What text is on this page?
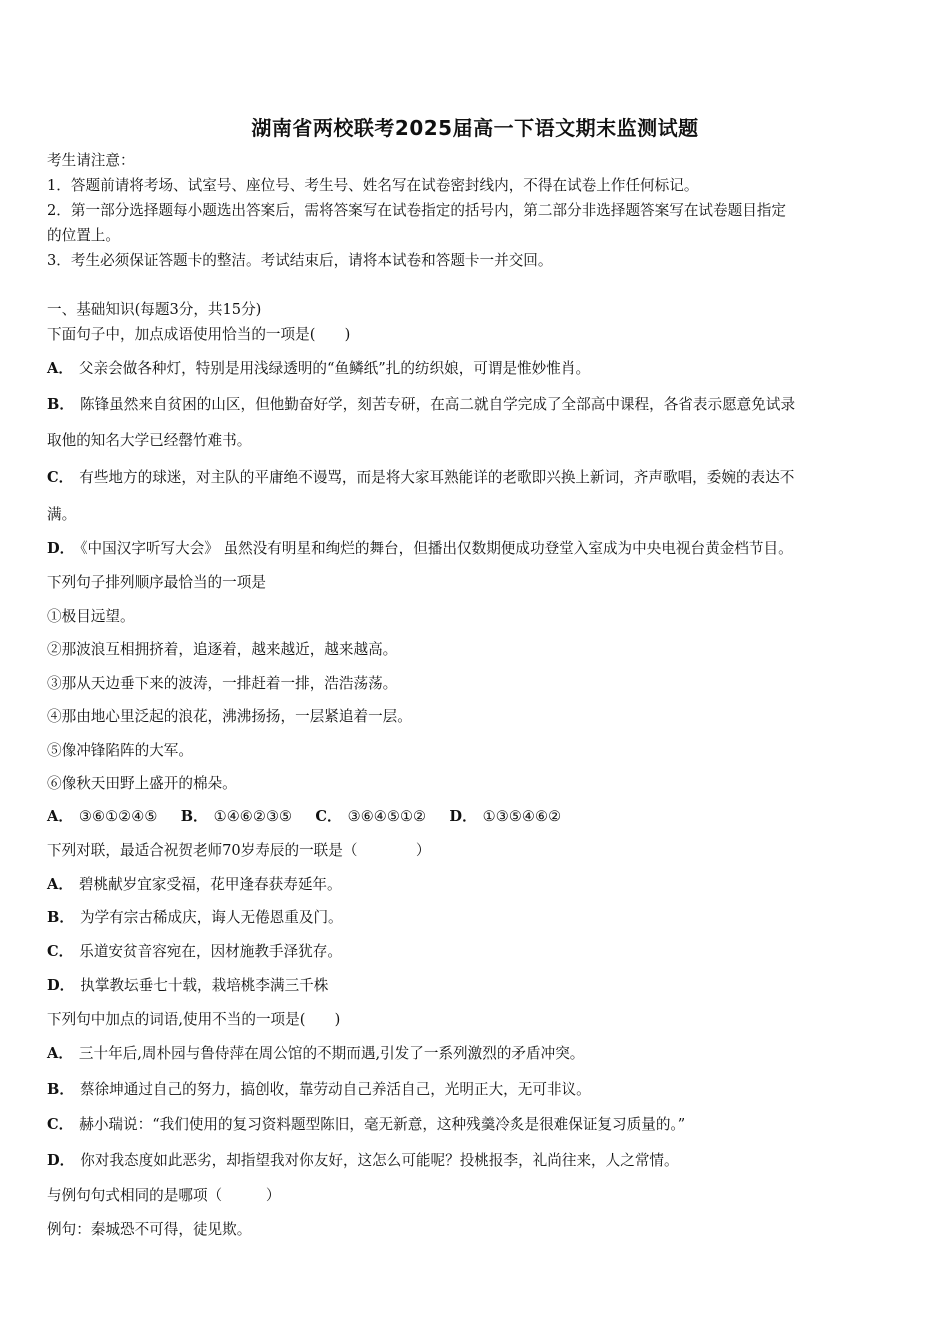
湖南省两校联考2025届高一下语文期末监测试题
考生请注意：
1．答题前请将考场、试室号、座位号、考生号、姓名写在试卷密封线内，不得在试卷上作任何标记。
2．第一部分选择题每小题选出答案后，需将答案写在试卷指定的括号内，第二部分非选择题答案写在试卷题目指定
的位置上。
3．考生必须保证答题卡的整洁。考试结束后，请将本试卷和答题卡一并交回。
一、基础知识(每题3分，共15分)
下面句子中，加点成语使用恰当的一项是(　　)
A． 父亲会做各种灯，特别是用浅绿透明的“鱼鳞纸”扎的纺织娘，可谓是惟妙惟肖。
B． 陈锋虽然来自贫困的山区，但他勤奋好学，刻苦专研，在高二就自学完成了全部高中课程，各省表示愿意免试录
取他的知名大学已经罄竹难书。
C． 有些地方的球迷，对主队的平庸绝不谩骂，而是将大家耳熟能详的老歌即兴换上新词，齐声歌唱，委婉的表达不
满。
D． 《中国汉字听写大会》 虽然没有明星和绚烂的舞台，但播出仅数期便成功登堂入室成为中央电视台黄金档节目。
下列句子排列顺序最恰当的一项是
①极目远望。
②那波浪互相拥挤着，追逐着，越来越近，越来越高。
③那从天边垂下来的波涛，一排赶着一排，浩浩荡荡。
④那由地心里泛起的浪花，沸沸扬扬，一层紧追着一层。
⑤像冲锋陷阵的大军。
⑥像秋天田野上盛开的棉朵。
A． ③⑥①②④⑤ B． ①④⑥②③⑤ C． ③⑥④⑤①② D． ①③⑤④⑥②
下列对联，最适合祝贺老师70岁寿辰的一联是（　　　　）
A． 碧桃献岁宜家受福，花甲逢春获寿延年。
B． 为学有宗古稀成庆，诲人无倦恩重及门。
C． 乐道安贫音容宛在，因材施教手泽犹存。
D． 执掌教坛垂七十载，栽培桃李满三千株
下列句中加点的词语,使用不当的一项是(　　)
A． 三十年后,周朴园与鲁侍萍在周公馆的不期而遇,引发了一系列激烈的矛盾冲突。
B． 蔡徐坤通过自己的努力，搞创收，靠劳动自己养活自己，光明正大，无可非议。
C． 赫小瑞说：“我们使用的复习资料题型陈旧，毫无新意，这种残羹冷炙是很难保证复习质量的。”
D． 你对我态度如此恶劣，却指望我对你友好，这怎么可能呢？投桃报李，礼尚往来，人之常情。
与例句句式相同的是哪项（　　　）
例句：秦城恐不可得，徒见欺。
